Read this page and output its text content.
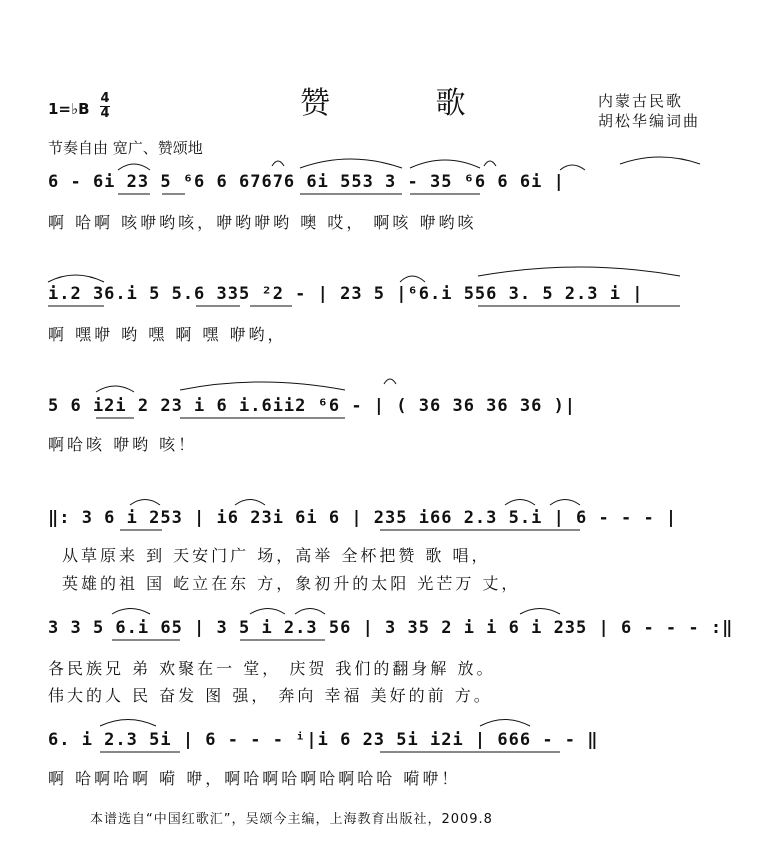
1=♭B
4
4	赞 歌	内蒙古民歌
胡松华编词曲
节奏自由 宽广、赞颂地
6 - 6i 23 5 ⁶6 6 67676 6i 553 3 - 35 ⁶6 6 6i |
啊 哈啊 咳咿哟咳，咿哟咿哟 噢 哎， 啊咳 咿哟咳
i.2 36.i 5 5.6 335 ²2 - | 23 5 |⁶6.i 556 3. 5 2.3 i |
啊 嘿咿 哟 嘿 啊 嘿 咿哟，
5 6 i2i 2 23 i 6 i.6ii2 ⁶6 - | ( 36 36 36 36 )|
啊哈咳 咿哟 咳！
‖: 3 6 i 253 | i6 23i 6i 6 | 235 i66 2.3 5.i | 6 - - - |
从草原来 到 天安门广 场，高举 全杯把赞 歌 唱，
英雄的祖 国 屹立在东 方，象初升的太阳 光芒万 丈，
3 3 5 6.i 65 | 3 5 i 2.3 56 | 3 35 2 i i 6 i 235 | 6 - - - :‖
各民族兄 弟 欢聚在一 堂， 庆贺 我们的翻身解 放。
伟大的人 民 奋发 图 强， 奔向 幸福 美好的前 方。
6. i 2.3 5i | 6 - - - ⁱ|i 6 23 5i i2i | 666 - - ‖
啊 哈啊哈啊 嗬 咿，啊哈啊哈啊哈啊哈哈 嗬咿！
本谱选自“中国红歌汇”，吴颂今主编，上海教育出版社，2009.8
